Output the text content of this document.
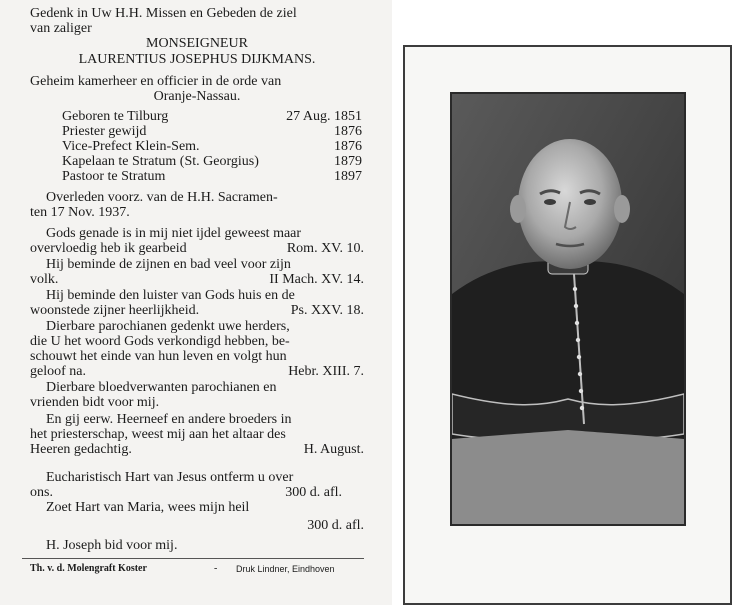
Gedenk in Uw H.H. Missen en Gebeden de ziel
van zaliger
MONSEIGNEUR
LAURENTIUS JOSEPHUS DIJKMANS.
Geheim kamerheer en officier in de orde van
Oranje-Nassau.
Geboren te Tilburg	27 Aug. 1851
Priester gewijd	1876
Vice-Prefect Klein-Sem.	1876
Kapelaan te Stratum (St. Georgius)	1879
Pastoor te Stratum	1897
Overleden voorz. van de H.H. Sacramen-
ten 17 Nov. 1937.
Gods genade is in mij niet ijdel geweest maar
overvloedig heb ik gearbeid	Rom. XV. 10.
Hij beminde de zijnen en bad veel voor zijn
volk.	II Mach. XV. 14.
Hij beminde den luister van Gods huis en de
woonstede zijner heerlijkheid.	Ps. XXV. 18.
Dierbare parochianen gedenkt uwe herders,
die U het woord Gods verkondigd hebben, be-
schouwt het einde van hun leven en volgt hun
geloof na.	Hebr. XIII. 7.
Dierbare bloedverwanten parochianen en
vrienden bidt voor mij.
En gij eerw. Heerneef en andere broeders in
het priesterschap, weest mij aan het altaar des
Heeren gedachtig.	H. August.
Eucharistisch Hart van Jesus ontferm u over
ons.	300 d. afl.
Zoet Hart van Maria, wees mijn heil
300 d. afl.
H. Joseph bid voor mij.
Th. v. d. Molengraft Koster	- Druk Lindner, Eindhoven
